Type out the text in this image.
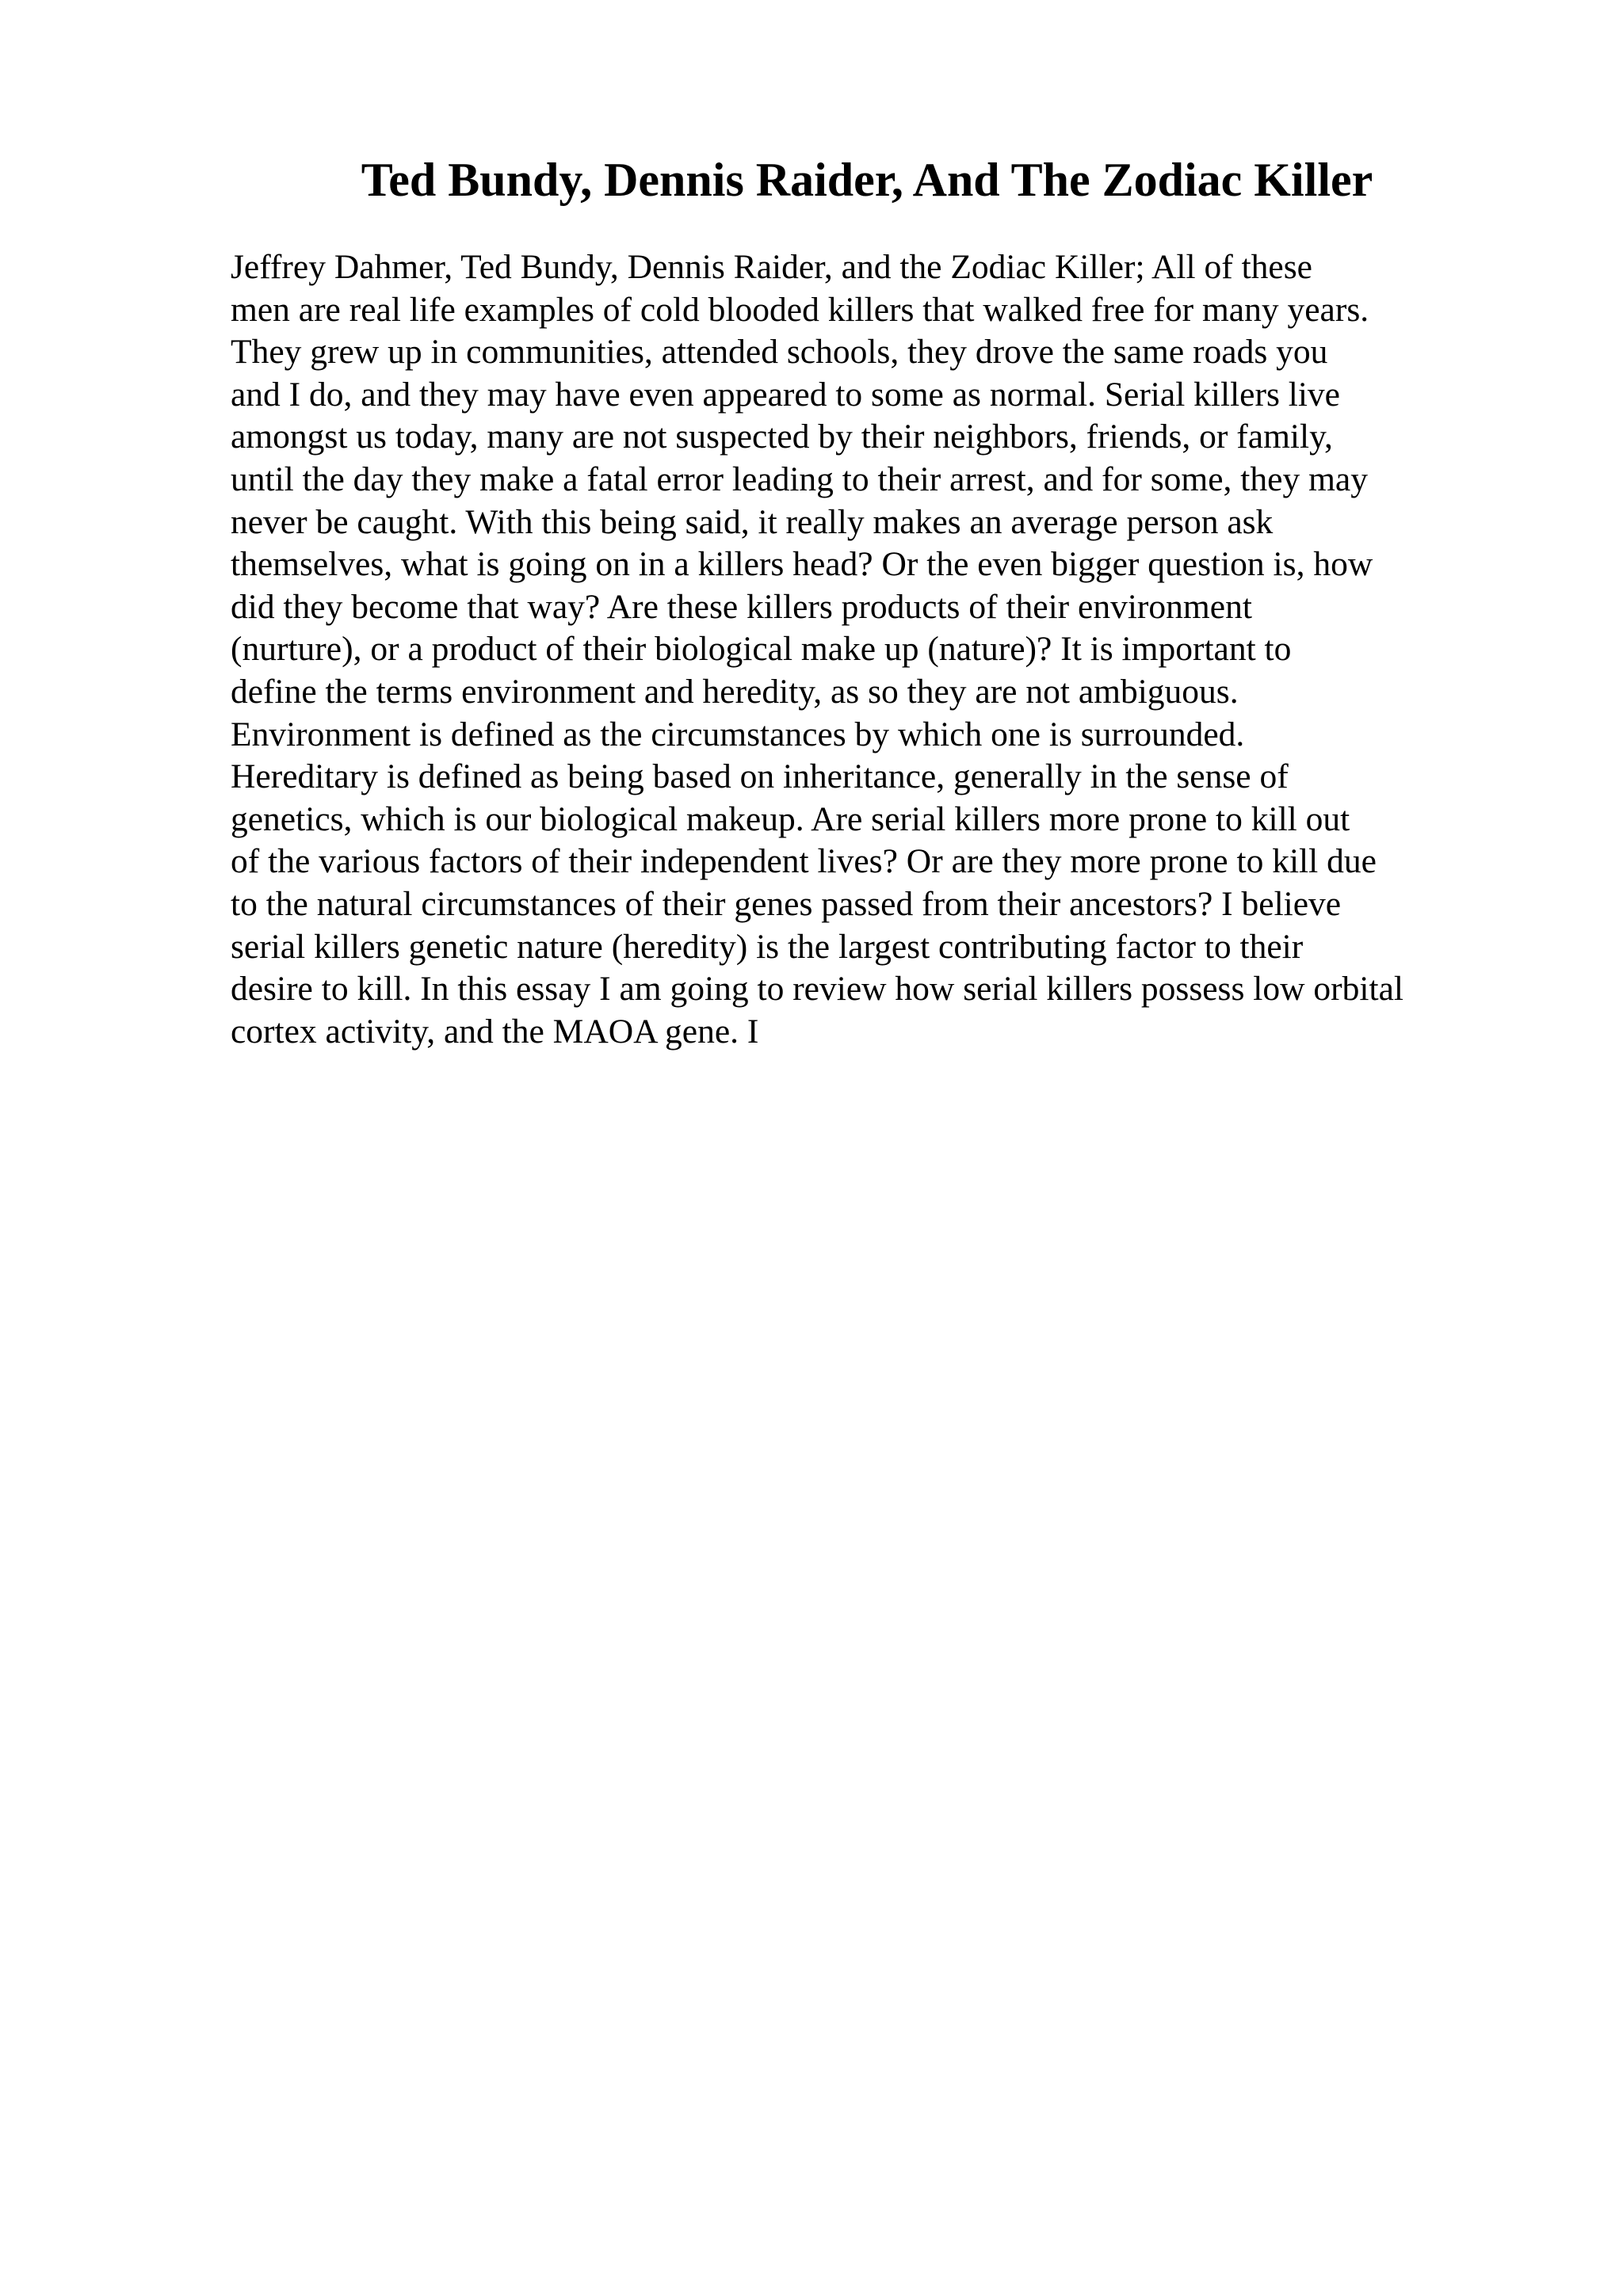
Ted Bundy, Dennis Raider, And The Zodiac Killer
Jeffrey Dahmer, Ted Bundy, Dennis Raider, and the Zodiac Killer; All of these
men are real life examples of cold blooded killers that walked free for many years.
They grew up in communities, attended schools, they drove the same roads you
and I do, and they may have even appeared to some as normal. Serial killers live
amongst us today, many are not suspected by their neighbors, friends, or family,
until the day they make a fatal error leading to their arrest, and for some, they may
never be caught. With this being said, it really makes an average person ask
themselves, what is going on in a killers head? Or the even bigger question is, how
did they become that way? Are these killers products of their environment
(nurture), or a product of their biological make up (nature)? It is important to
define the terms environment and heredity, as so they are not ambiguous.
Environment is defined as the circumstances by which one is surrounded.
Hereditary is defined as being based on inheritance, generally in the sense of
genetics, which is our biological makeup. Are serial killers more prone to kill out
of the various factors of their independent lives? Or are they more prone to kill due
to the natural circumstances of their genes passed from their ancestors? I believe
serial killers genetic nature (heredity) is the largest contributing factor to their
desire to kill. In this essay I am going to review how serial killers possess low orbital
cortex activity, and the MAOA gene. I
